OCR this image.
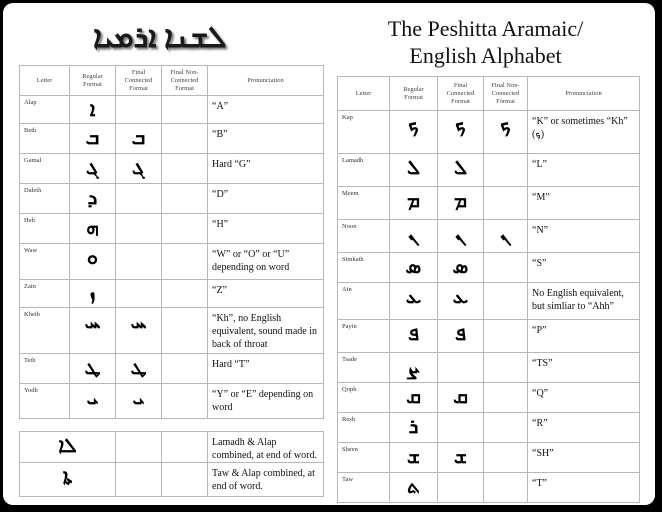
ܠܫܢܐ ܐܪܡܝܐ	The Peshitta Aramaic/
English Alphabet
Letter	Regular Format	Final Connected Format	Final Non-Connected Format	Pronunciation

Alap	ܐ			“A”

Beth	ܒ	ܒ		“B”

Gamal	ܓ	ܓ		Hard “G”

Daleth	ܕ			“D”

Heh	ܗ			“H”

Waw	ܘ			“W” or “O” or “U” depending on word

Zain	ܙ			“Z”

Kheth	ܚ	ܚ		“Kh”, no English equivalent, sound made in back of throat

Teth	ܛ	ܛ		Hard “T”

Yodh	ܝ	ܝ		“Y” or “E” depending on word
ܠܐ			Lamadh & Alap combined, at end of word.

ܬܐ			Taw & Alap combined, at end of word.
Letter	Regular Format	Final Connected Format	Final Non-Connected Format	Pronunciation

Kap	ܟ	ܟ	ܟ	“K” or sometimes “Kh” (ܟ݂)

Lamadh	ܠ	ܠ		“L”

Meem	ܡ	ܡ		“M”

Noon	ܢ	ܢ	ܢ	“N”

Simkath	ܣ	ܣ		“S”

Ain	ܥ	ܥ		No English equivalent, but simliar to “Ahh”

Payin	ܦ	ܦ		“P”

Tsade	ܨ			“TS”

Qoph	ܩ	ܩ		“Q”

Resh	ܪ			“R”

Sheen	ܫ	ܫ		“SH”

Taw	ܬ			“T”
